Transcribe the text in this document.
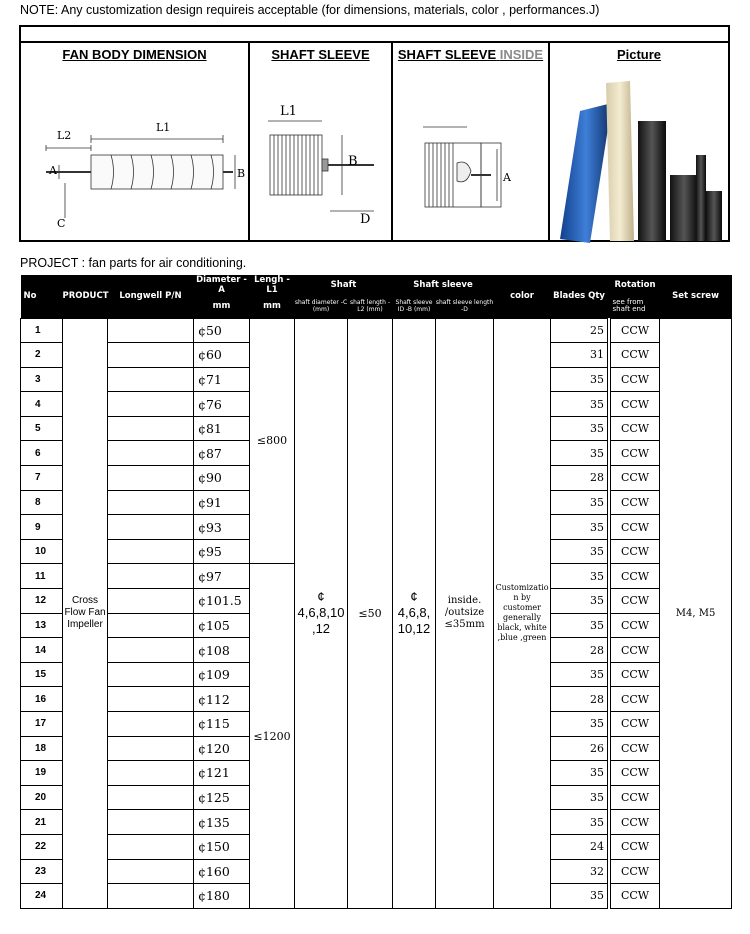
NOTE: Any customization design requireis acceptable (for dimensions, materials, color , performances.J)
FAN BODY DIMENSION
L2
L1
A	B
C
SHAFT SLEEVE
L1
B
D
SHAFT SLEEVE INSIDE
A
Picture
PROJECT : fan parts for air conditioning.
No	PRODUCT	Longwell P/N	Diameter -A	Lengh -L1	Shaft		Shaft sleeve		color	Blades Qty		Rotation	Set screw
			mm	mm	shaft diameter -C (mm)	shaft length - L2 (mm)	Shaft sleeve ID -B (mm)	shaft sleeve length -D				see from shaft end	
1	Cross Flow Fan Impeller		¢50	≤800	¢ 4,6,8,10 ,12	≤50	¢ 4,6,8, 10,12	inside. /outsize ≤35mm	Customizatio n by customer generally black, white ,blue ,green	25		CCW	M4, M5

2			¢60							31		CCW	
3			¢71							35		CCW	
4			¢76							35		CCW	
5			¢81							35		CCW	
6			¢87							35		CCW	
7			¢90							28		CCW	
8			¢91							35		CCW	
9			¢93							35		CCW	
10			¢95							35		CCW	
11			¢97	≤1200						35		CCW	
12			¢101.5							35		CCW	
13			¢105							35		CCW	
14			¢108							28		CCW	
15			¢109							35		CCW	
16			¢112							28		CCW	
17			¢115							35		CCW	
18			¢120							26		CCW	
19			¢121							35		CCW	
20			¢125							35		CCW	
21			¢135							35		CCW	
22			¢150							24		CCW	
23			¢160							32		CCW	
24			¢180							35		CCW	
